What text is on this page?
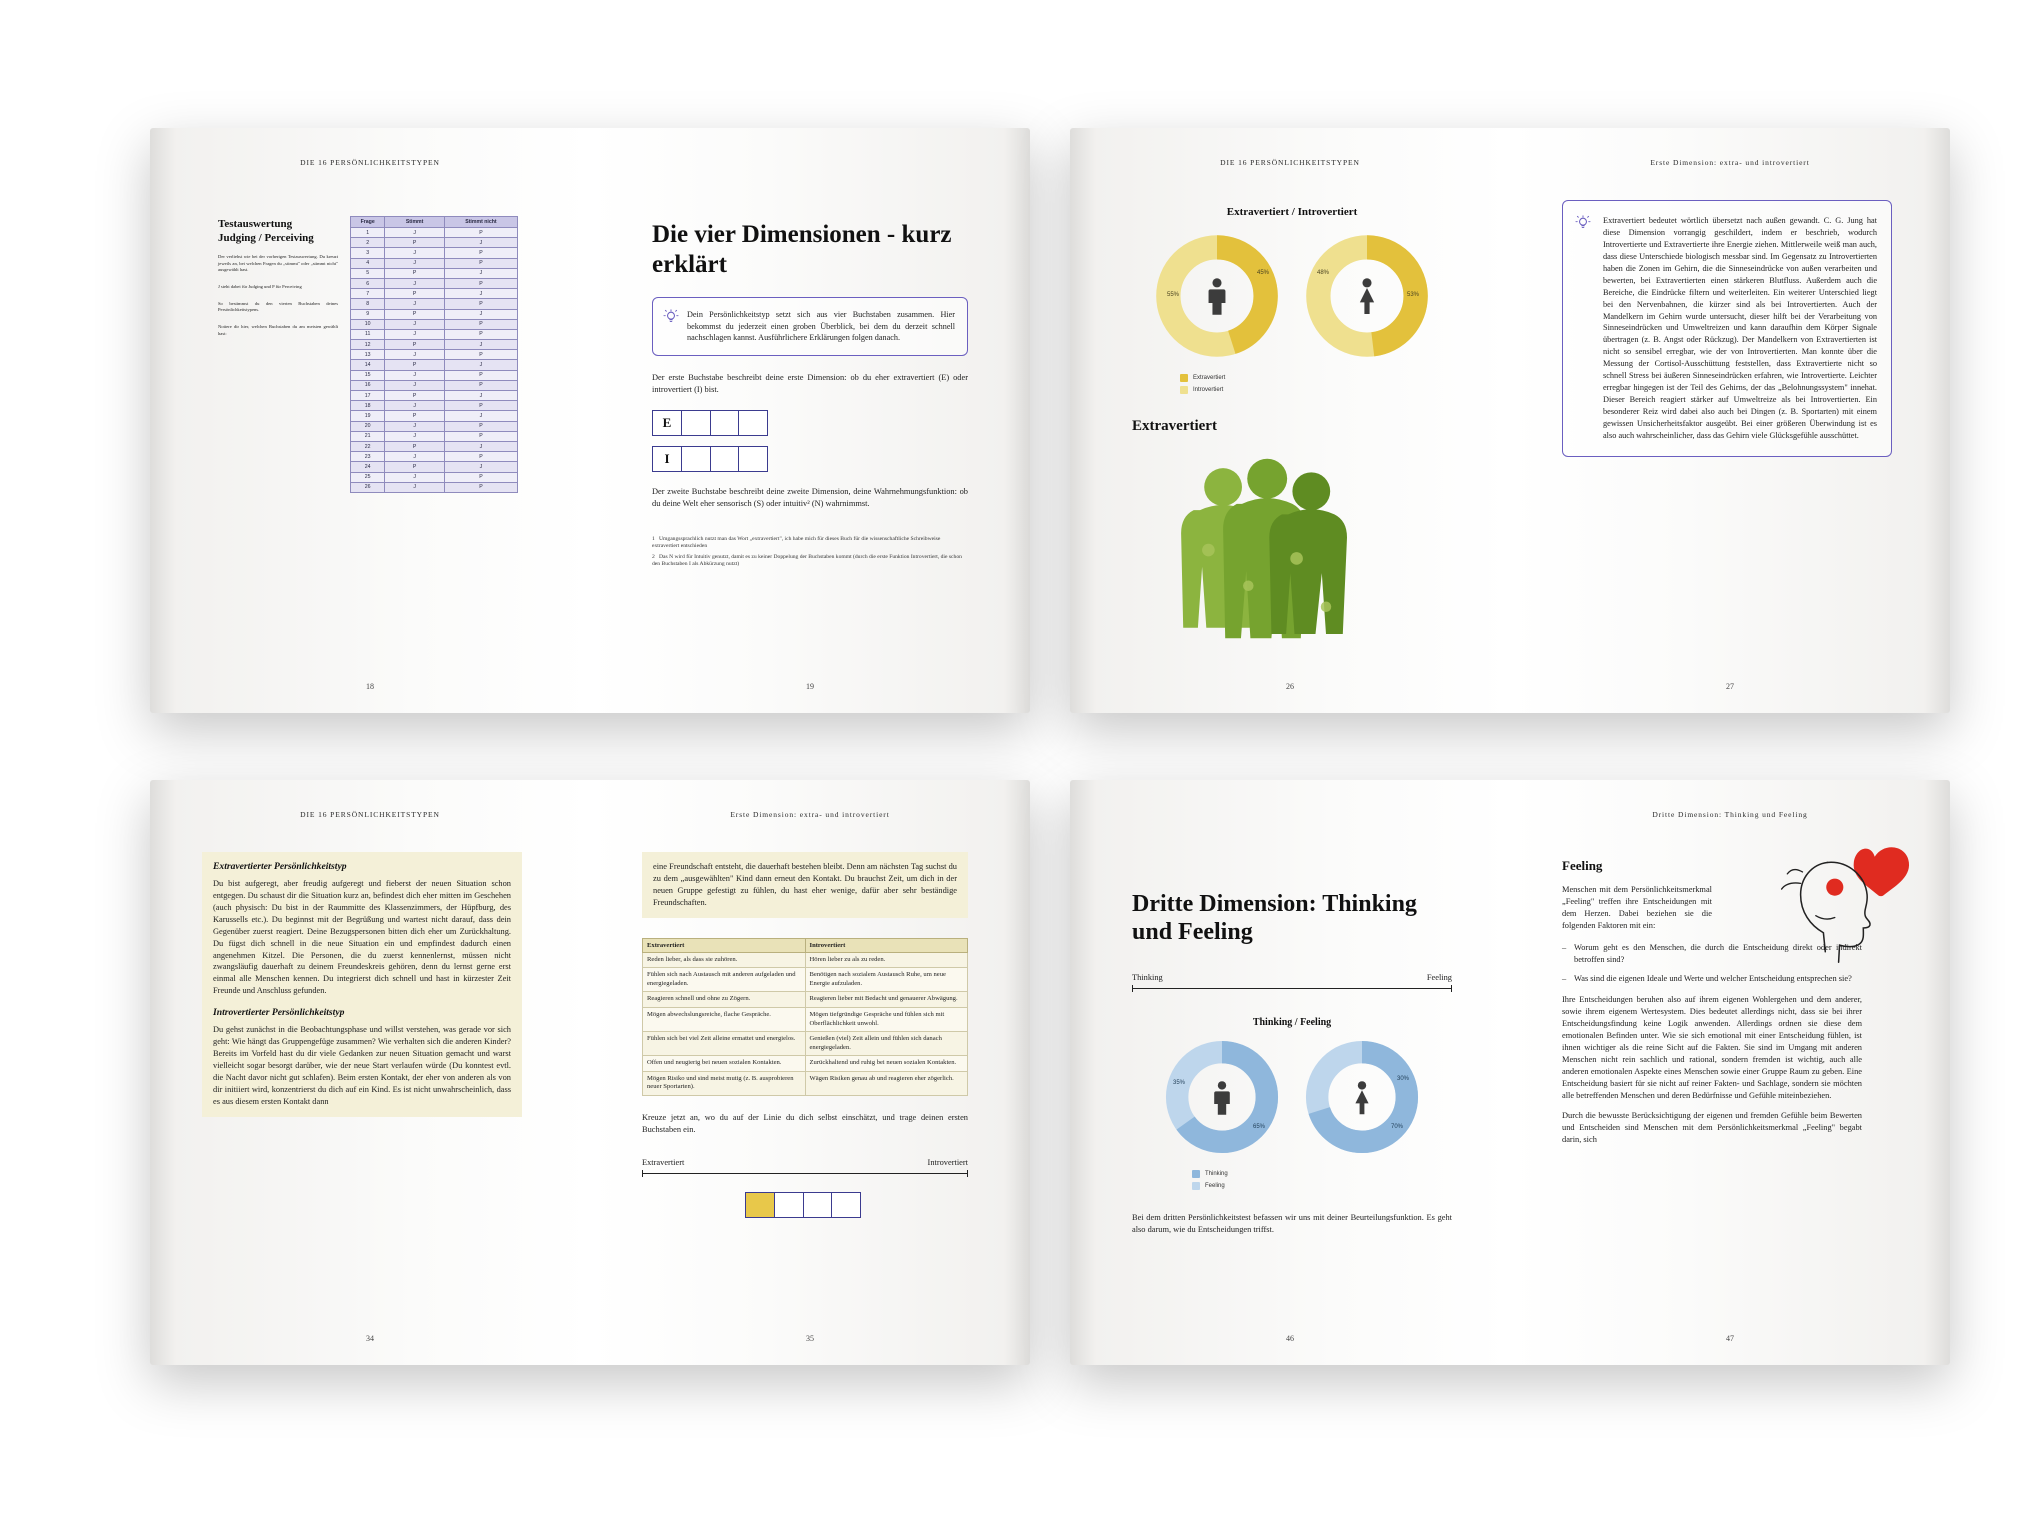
DIE 16 PERSÖNLICHKEITSTYPEN
18
Testauswertung
Judging / Perceiving

Der verliehst wie bei der vorherigen Testauswertung. Du kreuzt jeweils an, bei welchen Fragen du „stimmt" oder „stimmt nicht" ausgewählt hast.

J steht dabei für Judging und P für Perceiving

So bestimmst du den vierten Buchstaben deines Persönlichkeitstypens.

Notiere dir hier, welchen Buchstaben du am meisten gewählt hast:

Frage	Stimmt	Stimmt nicht
1	J	P
2	P	J
3	J	P
4	J	P
5	P	J
6	J	P
7	P	J
8	J	P
9	P	J
10	J	P
11	J	P
12	P	J
13	J	P
14	P	J
15	J	P
16	J	P
17	P	J
18	J	P
19	P	J
20	J	P
21	J	P
22	P	J
23	J	P
24	P	J
25	J	P
26	J	P
19
Die vier Dimensionen - kurz erklärt

Dein Persönlichkeitstyp setzt sich aus vier Buchstaben zusammen. Hier bekommst du jederzeit einen groben Überblick, bei dem du derzeit schnell nachschlagen kannst. Ausführlichere Erklärungen folgen danach.

Der erste Buchstabe beschreibt deine erste Dimension: ob du eher extravertiert (E) oder introvertiert (I) bist.

E
I

Der zweite Buchstabe beschreibt deine zweite Dimension, deine Wahrnehmungsfunktion: ob du deine Welt eher sensorisch (S) oder intuitiv² (N) wahrnimmst.

1 Umgangssprachlich nutzt man das Wort „extravertiert", ich habe mich für dieses Buch für die wissenschaftliche Schreibweise extravertiert entschieden
2 Das N wird für Intuitiv genutzt, damit es zu keiner Doppelung der Buchstaben kommt (durch die erste Funktion Introvertiert, die schon den Buchstaben I als Abkürzung nutzt)
DIE 16 PERSÖNLICHKEITSTYPEN
26
Extravertiert / Introvertiert
55%
45%	48%
53%
Extravertiert
Introvertiert
Extravertiert
Erste Dimension: extra- und introvertiert
27

Extravertiert bedeutet wörtlich übersetzt nach außen gewandt. C. G. Jung hat diese Dimension vorrangig geschildert, indem er beschrieb, wodurch Introvertierte und Extravertierte ihre Energie ziehen. Mittlerweile weiß man auch, dass diese Unterschiede biologisch messbar sind. Im Gegensatz zu Introvertierten haben die Zonen im Gehirn, die die Sinneseindrücke von außen verarbeiten und bewerten, bei Extravertierten einen stärkeren Blutfluss. Außerdem auch die Bereiche, die Eindrücke filtern und weiterleiten. Ein weiterer Unterschied liegt bei den Nervenbahnen, die kürzer sind als bei Introvertierten. Auch der Mandelkern im Gehirn wurde untersucht, dieser hilft bei der Verarbeitung von Sinneseindrücken und Umweltreizen und kann daraufhin dem Körper Signale übertragen (z. B. Angst oder Rückzug). Der Mandelkern von Extravertierten ist nicht so sensibel erregbar, wie der von Introvertierten. Man konnte über die Messung der Cortisol-Ausschüttung feststellen, dass Extravertierte nicht so schnell Stress bei äußeren Sinneseindrücken erfahren, wie Introvertierte. Leichter erregbar hingegen ist der Teil des Gehirns, der das „Belohnungssystem" innehat. Dieser Bereich reagiert stärker auf Umweltreize als bei Introvertierten. Ein besonderer Reiz wird dabei also auch bei Dingen (z. B. Sportarten) mit einem gewissen Unsicherheitsfaktor ausgeübt. Bei einer größeren Überwindung ist es also auch wahrscheinlicher, dass das Gehirn viele Glücksgefühle ausschüttet.

DIE 16 PERSÖNLICHKEITSTYPEN
34
Extravertierter Persönlichkeitstyp

Du bist aufgeregt, aber freudig aufgeregt und fieberst der neuen Situation schon entgegen. Du schaust dir die Situation kurz an, befindest dich eher mitten im Geschehen (auch physisch: Du bist in der Raummitte des Klassenzimmers, der Hüpfburg, des Karussells etc.). Du beginnst mit der Begrüßung und wartest nicht darauf, dass dein Gegenüber zuerst reagiert. Deine Bezugspersonen bitten dich eher um Zurückhaltung. Du fügst dich schnell in die neue Situation ein und empfindest dadurch einen angenehmen Kitzel. Die Personen, die du zuerst kennenlernst, müssen nicht zwangsläufig dauerhaft zu deinem Freundeskreis gehören, denn du lernst gerne erst einmal alle Menschen kennen. Du integrierst dich schnell und hast in kürzester Zeit Freunde und Anschluss gefunden.

Introvertierter Persönlichkeitstyp

Du gehst zunächst in die Beobachtungsphase und willst verstehen, was gerade vor sich geht: Wie hängt das Gruppengefüge zusammen? Wie verhalten sich die anderen Kinder? Bereits im Vorfeld hast du dir viele Gedanken zur neuen Situation gemacht und warst vielleicht sogar besorgt darüber, wie der neue Start verlaufen würde (Du konntest evtl. die Nacht davor nicht gut schlafen). Beim ersten Kontakt, der eher von anderen als von dir initiiert wird, konzentrierst du dich auf ein Kind. Es ist nicht unwahrscheinlich, dass es aus diesem ersten Kontakt dann

Erste Dimension: extra- und introvertiert
35

eine Freundschaft entsteht, die dauerhaft bestehen bleibt. Denn am nächsten Tag suchst du zu dem „ausgewählten" Kind dann erneut den Kontakt. Du brauchst Zeit, um dich in der neuen Gruppe gefestigt zu fühlen, du hast eher wenige, dafür aber sehr beständige Freundschaften.

Extravertiert	Introvertiert
Reden lieber, als dass sie zuhören.	Hören lieber zu als zu reden.
Fühlen sich nach Austausch mit anderen aufgeladen und energiegeladen.	Benötigen nach sozialem Austausch Ruhe, um neue Energie aufzuladen.
Reagieren schnell und ohne zu Zögern.	Reagieren lieber mit Bedacht und genauerer Abwägung.
Mögen abwechslungsreiche, flache Gespräche.	Mögen tiefgründige Gespräche und fühlen sich mit Oberflächlichkeit unwohl.
Fühlen sich bei viel Zeit alleine ermattet und energielos.	Genießen (viel) Zeit allein und fühlen sich danach energiegeladen.
Offen und neugierig bei neuen sozialen Kontakten.	Zurückhaltend und ruhig bei neuen sozialen Kontakten.
Mögen Risiko und sind meist mutig (z. B. ausprobieren neuer Sportarten).	Wägen Risiken genau ab und reagieren eher zögerlich.

Kreuze jetzt an, wo du auf der Linie du dich selbst einschätzt, und trage deinen ersten Buchstaben ein.

Extravertiert	Introvertiert
46
Dritte Dimension: Thinking und Feeling
Thinking	Feeling
Thinking / Feeling
35%
65%
30%
70%
Thinking
Feeling

Bei dem dritten Persönlichkeitstest befassen wir uns mit deiner Beurteilungsfunktion. Es geht also darum, wie du Entscheidungen triffst.

Dritte Dimension: Thinking und Feeling
47
Feeling

Menschen mit dem Persönlichkeitsmerkmal „Feeling" treffen ihre Entscheidungen mit dem Herzen. Dabei beziehen sie die folgenden Faktoren mit ein:

– Worum geht es den Menschen, die durch die Entscheidung direkt oder indirekt betroffen sind?
– Was sind die eigenen Ideale und Werte und welcher Entscheidung entsprechen sie?

Ihre Entscheidungen beruhen also auf ihrem eigenen Wohlergehen und dem anderer, sowie ihrem eigenem Wertesystem. Dies bedeutet allerdings nicht, dass sie bei ihrer Entscheidungsfindung keine Logik anwenden. Allerdings ordnen sie diese dem emotionalen Befinden unter. Wie sie sich emotional mit einer Entscheidung fühlen, ist ihnen wichtiger als die reine Sicht auf die Fakten. Sie sind im Umgang mit anderen Menschen nicht rein sachlich und rational, sondern fremden ist wichtig, auch alle anderen emotionalen Aspekte eines Menschen sowie einer Gruppe Raum zu geben. Eine Entscheidung basiert für sie nicht auf reiner Fakten- und Sachlage, sondern sie möchten alle betreffenden Menschen und deren Bedürfnisse und Gefühle miteinbeziehen.

Durch die bewusste Berücksichtigung der eigenen und fremden Gefühle beim Bewerten und Entscheiden sind Menschen mit dem Persönlichkeitsmerkmal „Feeling" begabt darin, sich
